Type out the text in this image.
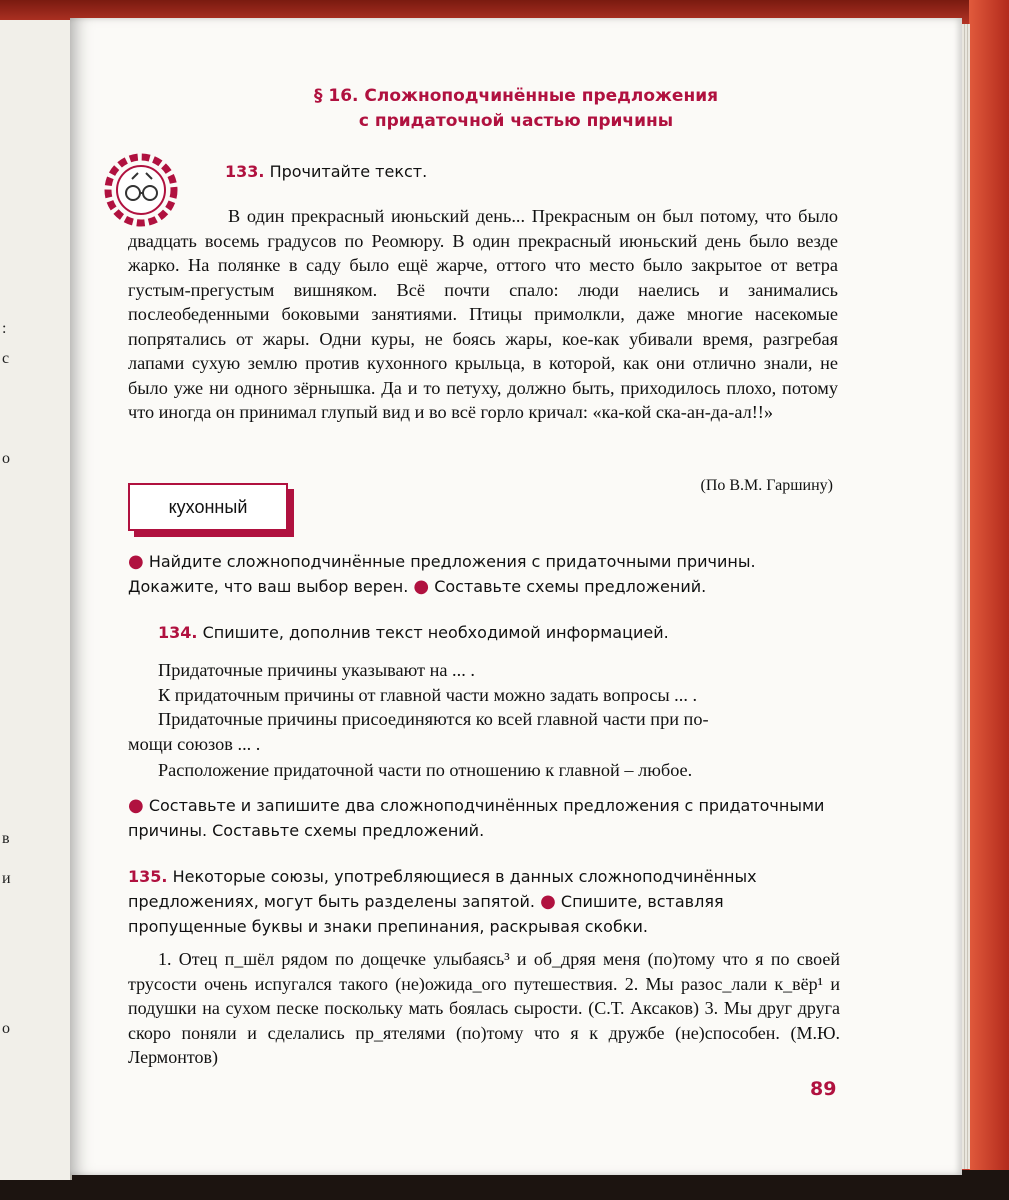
:
с
о
в
и
о
§ 16. Сложноподчинённые предложения
с придаточной частью причины
133. Прочитайте текст.
В один прекрасный июньский день... Прекрасным он был потому, что было двадцать восемь градусов по Реомюру. В один прекрасный июньский день было везде жарко. На полянке в саду было ещё жарче, оттого что место было закрытое от ветра густым-прегустым вишняком. Всё почти спало: люди наелись и занимались послеобеденными боковыми занятиями. Птицы примолкли, даже многие насекомые попрятались от жары. Одни куры, не боясь жары, кое-как убивали время, разгребая лапами сухую землю против кухонного крыльца, в которой, как они отлично знали, не было уже ни одного зёрнышка. Да и то петуху, должно быть, приходилось плохо, потому что иногда он принимал глупый вид и во всё горло кричал: «ка-кой ска-ан-да-ал!!»
(По В.М. Гаршину)
кухонный
● Найдите сложноподчинённые предложения с придаточными причины. Докажите, что ваш выбор верен. ● Составьте схемы предложений.
134. Спишите, дополнив текст необходимой информацией.
Придаточные причины указывают на ... .
К придаточным причины от главной части можно задать вопросы ... .
Придаточные причины присоединяются ко всей главной части при по-
мощи союзов ... .
Расположение придаточной части по отношению к главной – любое.
● Составьте и запишите два сложноподчинённых предложения с придаточными причины. Составьте схемы предложений.
135. Некоторые союзы, употребляющиеся в данных сложноподчинённых предложениях, могут быть разделены запятой. ● Спишите, вставляя пропущенные буквы и знаки препинания, раскрывая скобки.
1. Отец п_шёл рядом по дощечке улыбаясь³ и об_дряя меня (по)тому что я по своей трусости очень испугался такого (не)ожида_ого путешествия. 2. Мы разос_лали к_вёр¹ и подушки на сухом песке поскольку мать боялась сырости. (С.Т. Аксаков) 3. Мы друг друга скоро поняли и сделались пр_ятелями (по)тому что я к дружбе (не)способен. (М.Ю. Лермонтов)
89
